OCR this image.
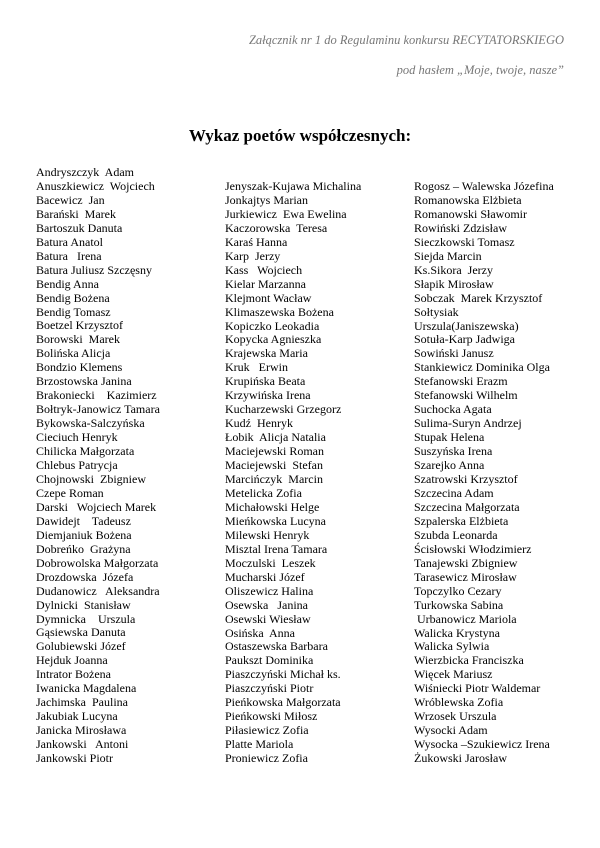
Załącznik nr 1 do Regulaminu konkursu RECYTATORSKIEGO

pod hasłem „Moje, twoje, nasze”

Wykaz poetów współczesnych:
Andryszczyk  Adam
Anuszkiewicz  Wojciech
Bacewicz  Jan
Barański  Marek
Bartoszuk Danuta
Batura Anatol
Batura   Irena
Batura Juliusz Szczęsny
Bendig Anna
Bendig Bożena
Bendig Tomasz
Boetzel Krzysztof
Borowski  Marek
Bolińska Alicja
Bondzio Klemens
Brzostowska Janina
Brakoniecki    Kazimierz
Bołtryk-Janowicz Tamara
Bykowska-Salczyńska
Cieciuch Henryk
Chilicka Małgorzata
Chlebus Patrycja
Chojnowski  Zbigniew
Czepe Roman
Darski   Wojciech Marek
Dawidejt    Tadeusz
Diemjaniuk Bożena
Dobreńko  Grażyna
Dobrowolska Małgorzata
Drozdowska  Józefa
Dudanowicz   Aleksandra
Dylnicki  Stanisław
Dymnicka    Urszula
Gąsiewska Danuta
Golubiewski Józef
Hejduk Joanna
Intrator Bożena
Iwanicka Magdalena
Jachimska  Paulina
Jakubiak Lucyna
Janicka Mirosława
Jankowski   Antoni
Jankowski Piotr
Jenyszak-Kujawa Michalina
Jonkajtys Marian
Jurkiewicz  Ewa Ewelina
Kaczorowska  Teresa
Karaś Hanna
Karp  Jerzy
Kass   Wojciech
Kielar Marzanna
Klejmont Wacław
Klimaszewska Bożena
Kopiczko Leokadia
Kopycka Agnieszka
Krajewska Maria
Kruk   Erwin
Krupińska Beata
Krzywińska Irena
Kucharzewski Grzegorz
Kudź  Henryk
Łobik  Alicja Natalia
Maciejewski Roman
Maciejewski  Stefan
Marcińczyk  Marcin
Metelicka Zofia
Michałowski Helge
Mieńkowska Lucyna
Milewski Henryk
Misztal Irena Tamara
Moczulski  Leszek
Mucharski Józef
Oliszewicz Halina
Osewska   Janina
Osewski Wiesław
Osińska  Anna
Ostaszewska Barbara
Paukszt Dominika
Piaszczyński Michał ks.
Piaszczyński Piotr
Pieńkowska Małgorzata
Pieńkowski Miłosz
Piłasiewicz Zofia
Platte Mariola
Proniewicz Zofia
Rogosz – Walewska Józefina
Romanowska Elżbieta
Romanowski Sławomir
Rowiński Zdzisław
Sieczkowski Tomasz
Siejda Marcin
Ks.Sikora  Jerzy
Słapik Mirosław
Sobczak  Marek Krzysztof
Sołtysiak
Urszula(Janiszewska)
Sotuła-Karp Jadwiga
Sowiński Janusz
Stankiewicz Dominika Olga
Stefanowski Erazm
Stefanowski Wilhelm
Suchocka Agata
Sulima-Suryn Andrzej
Stupak Helena
Suszyńska Irena
Szarejko Anna
Szatrowski Krzysztof
Szczecina Adam
Szczecina Małgorzata
Szpalerska Elżbieta
Szubda Leonarda
Ścisłowski Włodzimierz
Tanajewski Zbigniew
Tarasewicz Mirosław
Topczylko Cezary
Turkowska Sabina
Urbanowicz Mariola
Walicka Krystyna
Walicka Sylwia
Wierzbicka Franciszka
Więcek Mariusz
Wiśniecki Piotr Waldemar
Wróblewska Zofia
Wrzosek Urszula
Wysocki Adam
Wysocka –Szukiewicz Irena
Żukowski Jarosław
